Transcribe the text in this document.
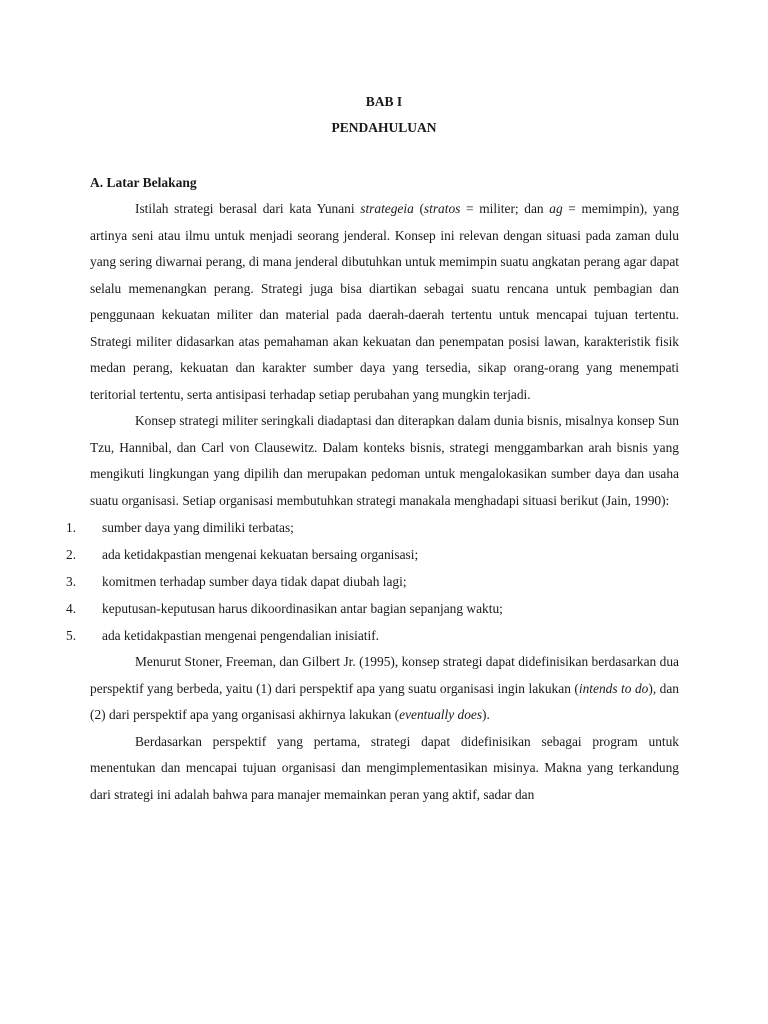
BAB I
PENDAHULUAN
A. Latar Belakang

Istilah strategi berasal dari kata Yunani strategeia (stratos = militer; dan ag = memimpin), yang artinya seni atau ilmu untuk menjadi seorang jenderal. Konsep ini relevan dengan situasi pada zaman dulu yang sering diwarnai perang, di mana jenderal dibutuhkan untuk memimpin suatu angkatan perang agar dapat selalu memenangkan perang. Strategi juga bisa diartikan sebagai suatu rencana untuk pembagian dan penggunaan kekuatan militer dan material pada daerah-daerah tertentu untuk mencapai tujuan tertentu. Strategi militer didasarkan atas pemahaman akan kekuatan dan penempatan posisi lawan, karakteristik fisik medan perang, kekuatan dan karakter sumber daya yang tersedia, sikap orang-orang yang menempati teritorial tertentu, serta antisipasi terhadap setiap perubahan yang mungkin terjadi.

Konsep strategi militer seringkali diadaptasi dan diterapkan dalam dunia bisnis, misalnya konsep Sun Tzu, Hannibal, dan Carl von Clausewitz. Dalam konteks bisnis, strategi menggambarkan arah bisnis yang mengikuti lingkungan yang dipilih dan merupakan pedoman untuk mengalokasikan sumber daya dan usaha suatu organisasi. Setiap organisasi membutuhkan strategi manakala menghadapi situasi berikut (Jain, 1990):

1. sumber daya yang dimiliki terbatas;
2. ada ketidakpastian mengenai kekuatan bersaing organisasi;
3. komitmen terhadap sumber daya tidak dapat diubah lagi;
4. keputusan-keputusan harus dikoordinasikan antar bagian sepanjang waktu;
5. ada ketidakpastian mengenai pengendalian inisiatif.

Menurut Stoner, Freeman, dan Gilbert Jr. (1995), konsep strategi dapat didefinisikan berdasarkan dua perspektif yang berbeda, yaitu (1) dari perspektif apa yang suatu organisasi ingin lakukan (intends to do), dan (2) dari perspektif apa yang organisasi akhirnya lakukan (eventually does).

Berdasarkan perspektif yang pertama, strategi dapat didefinisikan sebagai program untuk menentukan dan mencapai tujuan organisasi dan mengimplementasikan misinya. Makna yang terkandung dari strategi ini adalah bahwa para manajer memainkan peran yang aktif, sadar dan
